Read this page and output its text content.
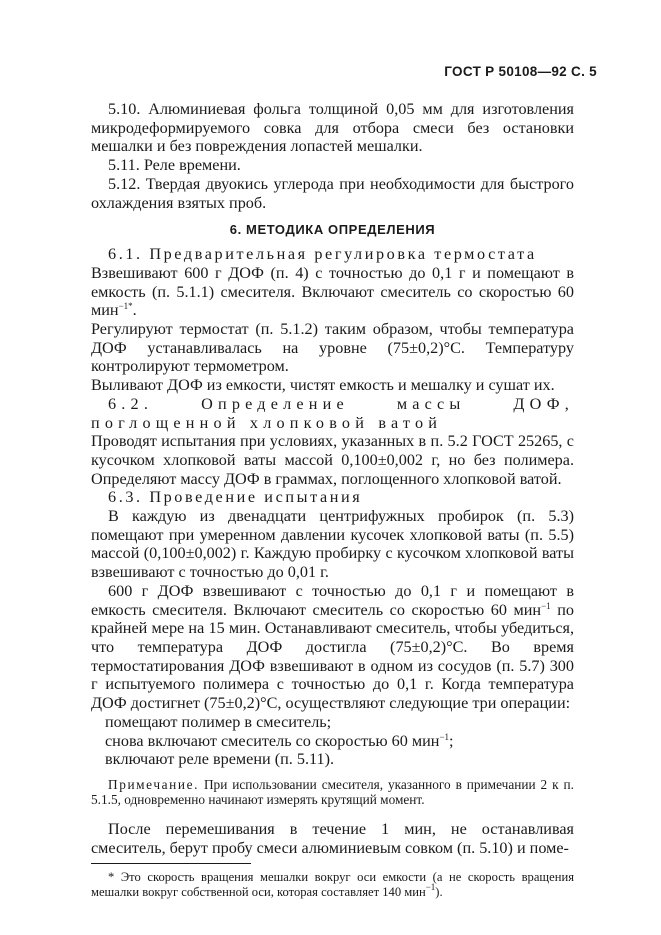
ГОСТ Р 50108—92 С. 5

5.10. Алюминиевая фольга толщиной 0,05 мм для изготовления микродеформируемого совка для отбора смеси без остановки мешалки и без повреждения лопастей мешалки.

5.11. Реле времени.

5.12. Твердая двуокись углерода при необходимости для быстрого охлаждения взятых проб.

6. МЕТОДИКА ОПРЕДЕЛЕНИЯ

6.1. Предварительная регулировка термостата

Взвешивают 600 г ДОФ (п. 4) с точностью до 0,1 г и помещают в емкость (п. 5.1.1) смесителя. Включают смеситель со скоростью 60 мин$^{-1*}$.

Регулируют термостат (п. 5.1.2) таким образом, чтобы температура ДОФ устанавливалась на уровне (75±0,2)°С. Температуру контролируют термометром.

Выливают ДОФ из емкости, чистят емкость и мешалку и сушат их.

6.2. Определение массы ДОФ, поглощенной хлопковой ватой

Проводят испытания при условиях, указанных в п. 5.2 ГОСТ 25265, с кусочком хлопковой ваты массой 0,100±0,002 г, но без полимера. Определяют массу ДОФ в граммах, поглощенного хлопковой ватой.

6.3. Проведение испытания

В каждую из двенадцати центрифужных пробирок (п. 5.3) помещают при умеренном давлении кусочек хлопковой ваты (п. 5.5) массой (0,100±0,002) г. Каждую пробирку с кусочком хлопковой ваты взвешивают с точностью до 0,01 г.

600 г ДОФ взвешивают с точностью до 0,1 г и помещают в емкость смесителя. Включают смеситель со скоростью 60 мин$^{-1}$ по крайней мере на 15 мин. Останавливают смеситель, чтобы убедиться, что температура ДОФ достигла (75±0,2)°С. Во время термостатирования ДОФ взвешивают в одном из сосудов (п. 5.7) 300 г испытуемого полимера с точностью до 0,1 г. Когда температура ДОФ достигнет (75±0,2)°С, осуществляют следующие три операции:

помещают полимер в смеситель;

снова включают смеситель со скоростью 60 мин$^{-1}$;

включают реле времени (п. 5.11).

Примечание. При использовании смесителя, указанного в примечании 2 к п. 5.1.5, одновременно начинают измерять крутящий момент.

После перемешивания в течение 1 мин, не останавливая смеситель, берут пробу смеси алюминиевым совком (п. 5.10) и поме-

* Это скорость вращения мешалки вокруг оси емкости (а не скорость вращения мешалки вокруг собственной оси, которая составляет 140 мин$^{-1}$).
